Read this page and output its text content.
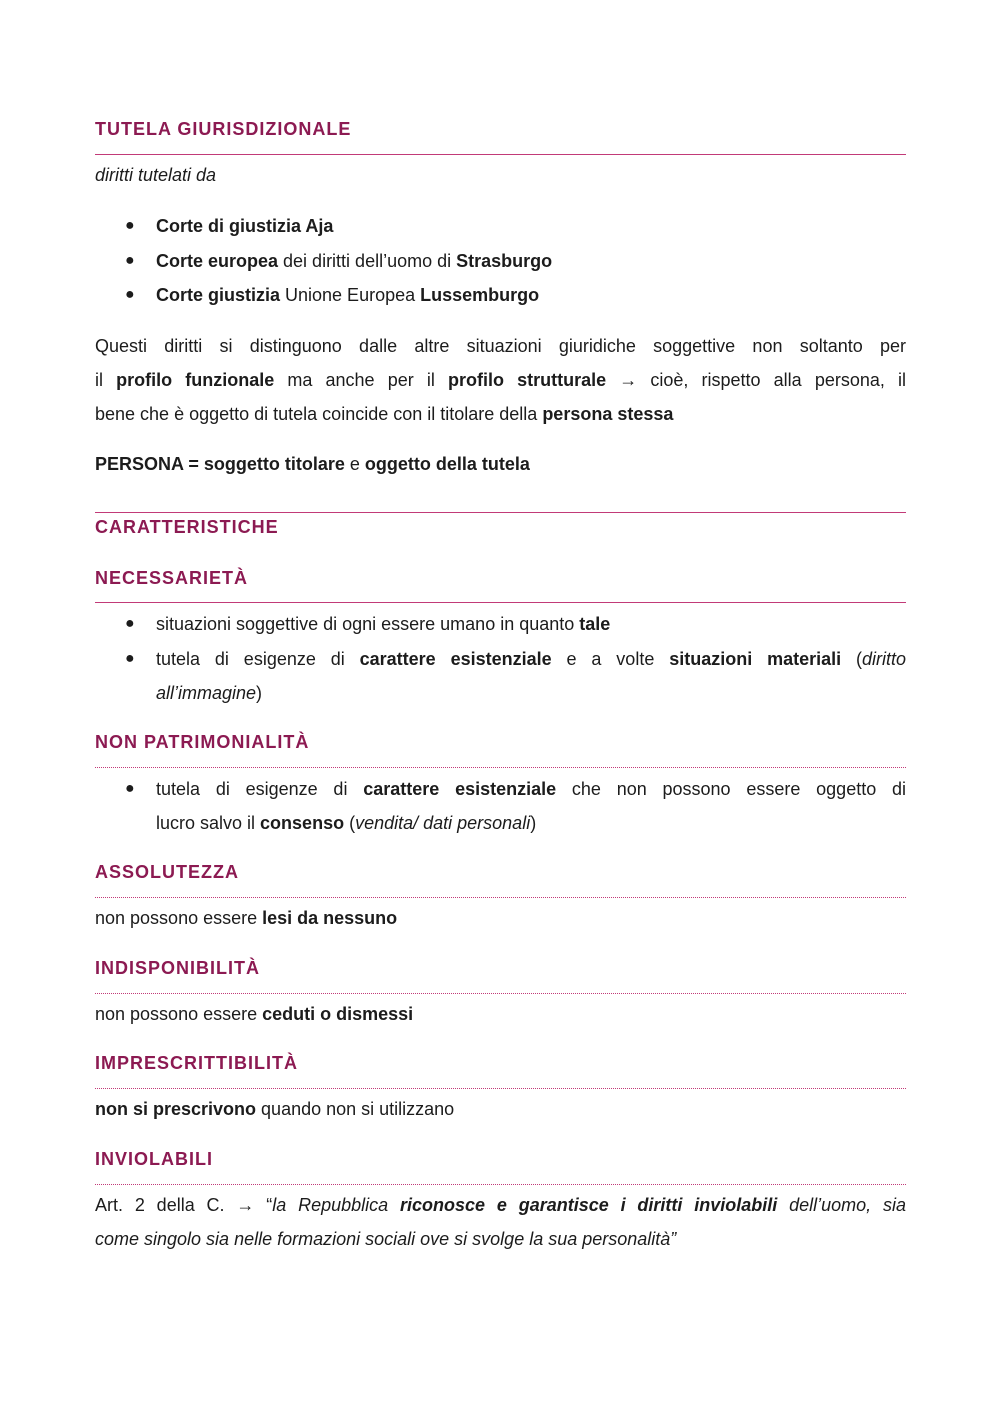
TUTELA GIURISDIZIONALE
diritti tutelati da
● Corte di giustizia Aja
● Corte europea dei diritti dell’uomo di Strasburgo
● Corte giustizia Unione Europea Lussemburgo
Questi diritti si distinguono dalle altre situazioni giuridiche soggettive non soltanto per
il profilo funzionale ma anche per il profilo strutturale → cioè, rispetto alla persona, il
bene che è oggetto di tutela coincide con il titolare della persona stessa
PERSONA = soggetto titolare e oggetto della tutela
CARATTERISTICHE
NECESSARIETÀ
● situazioni soggettive di ogni essere umano in quanto tale
● tutela di esigenze di carattere esistenziale e a volte situazioni materiali (diritto
all’immagine)
NON PATRIMONIALITÀ
● tutela di esigenze di carattere esistenziale che non possono essere oggetto di
lucro salvo il consenso (vendita/ dati personali)
ASSOLUTEZZA
non possono essere lesi da nessuno
INDISPONIBILITÀ
non possono essere ceduti o dismessi
IMPRESCRITTIBILITÀ
non si prescrivono quando non si utilizzano
INVIOLABILI
Art. 2 della C. → “la Repubblica riconosce e garantisce i diritti inviolabili dell’uomo, sia
come singolo sia nelle formazioni sociali ove si svolge la sua personalità”
